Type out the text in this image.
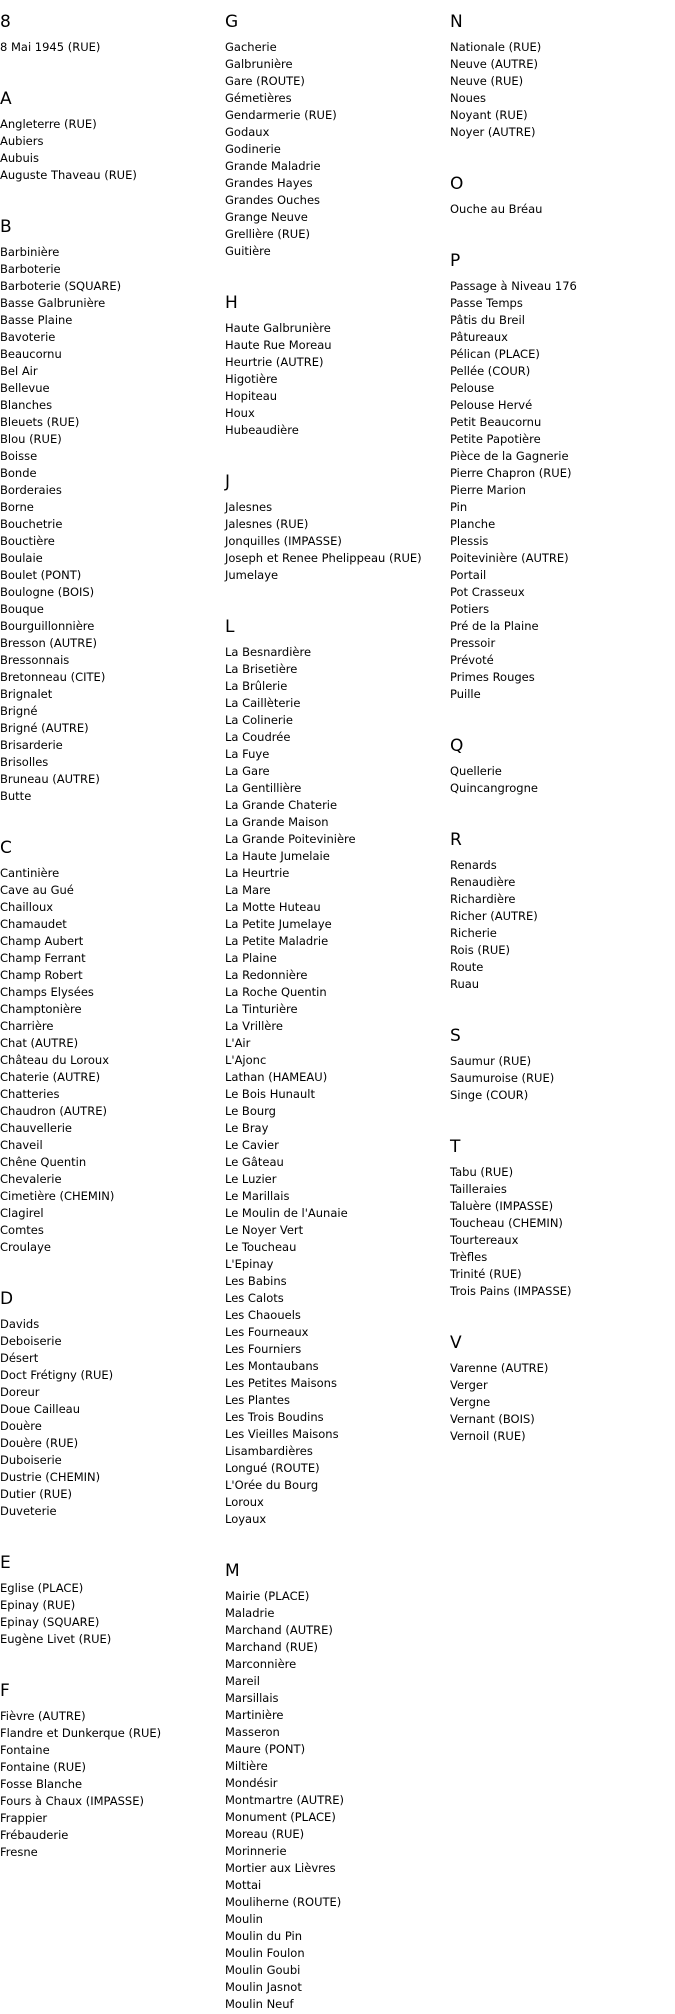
8
8 Mai 1945 (RUE)
A
Angleterre (RUE)
Aubiers
Aubuis
Auguste Thaveau (RUE)
B
Barbinière
Barboterie
Barboterie (SQUARE)
Basse Galbrunière
Basse Plaine
Bavoterie
Beaucornu
Bel Air
Bellevue
Blanches
Bleuets (RUE)
Blou (RUE)
Boisse
Bonde
Borderaies
Borne
Bouchetrie
Bouctière
Boulaie
Boulet (PONT)
Boulogne (BOIS)
Bouque
Bourguillonnière
Bresson (AUTRE)
Bressonnais
Bretonneau (CITE)
Brignalet
Brigné
Brigné (AUTRE)
Brisarderie
Brisolles
Bruneau (AUTRE)
Butte
C
Cantinière
Cave au Gué
Chailloux
Chamaudet
Champ Aubert
Champ Ferrant
Champ Robert
Champs Elysées
Champtonière
Charrière
Chat (AUTRE)
Château du Loroux
Chaterie (AUTRE)
Chatteries
Chaudron (AUTRE)
Chauvellerie
Chaveil
Chêne Quentin
Chevalerie
Cimetière (CHEMIN)
Clagirel
Comtes
Croulaye
D
Davids
Deboiserie
Désert
Doct Frétigny (RUE)
Doreur
Doue Cailleau
Douère
Douère (RUE)
Duboiserie
Dustrie (CHEMIN)
Dutier (RUE)
Duveterie
E
Eglise (PLACE)
Epinay (RUE)
Epinay (SQUARE)
Eugène Livet (RUE)
F
Fièvre (AUTRE)
Flandre et Dunkerque (RUE)
Fontaine
Fontaine (RUE)
Fosse Blanche
Fours à Chaux (IMPASSE)
Frappier
Frébauderie
Fresne
G
Gacherie
Galbrunière
Gare (ROUTE)
Gémetières
Gendarmerie (RUE)
Godaux
Godinerie
Grande Maladrie
Grandes Hayes
Grandes Ouches
Grange Neuve
Grellière (RUE)
Guitière
H
Haute Galbrunière
Haute Rue Moreau
Heurtrie (AUTRE)
Higotière
Hopiteau
Houx
Hubeaudière
J
Jalesnes
Jalesnes (RUE)
Jonquilles (IMPASSE)
Joseph et Renee Phelippeau (RUE)
Jumelaye
L
La Besnardière
La Brisetière
La Brûlerie
La Caillèterie
La Colinerie
La Coudrée
La Fuye
La Gare
La Gentillière
La Grande Chaterie
La Grande Maison
La Grande Poitevinière
La Haute Jumelaie
La Heurtrie
La Mare
La Motte Huteau
La Petite Jumelaye
La Petite Maladrie
La Plaine
La Redonnière
La Roche Quentin
La Tinturière
La Vrillère
L'Air
L'Ajonc
Lathan (HAMEAU)
Le Bois Hunault
Le Bourg
Le Bray
Le Cavier
Le Gâteau
Le Luzier
Le Marillais
Le Moulin de l'Aunaie
Le Noyer Vert
Le Toucheau
L'Epinay
Les Babins
Les Calots
Les Chaouels
Les Fourneaux
Les Fourniers
Les Montaubans
Les Petites Maisons
Les Plantes
Les Trois Boudins
Les Vieilles Maisons
Lisambardières
Longué (ROUTE)
L'Orée du Bourg
Loroux
Loyaux
M
Mairie (PLACE)
Maladrie
Marchand (AUTRE)
Marchand (RUE)
Marconnière
Mareil
Marsillais
Martinière
Masseron
Maure (PONT)
Miltière
Mondésir
Montmartre (AUTRE)
Monument (PLACE)
Moreau (RUE)
Morinnerie
Mortier aux Lièvres
Mottai
Mouliherne (ROUTE)
Moulin
Moulin du Pin
Moulin Foulon
Moulin Goubi
Moulin Jasnot
Moulin Neuf
N
Nationale (RUE)
Neuve (AUTRE)
Neuve (RUE)
Noues
Noyant (RUE)
Noyer (AUTRE)
O
Ouche au Bréau
P
Passage à Niveau 176
Passe Temps
Pâtis du Breil
Pâtureaux
Pélican (PLACE)
Pellée (COUR)
Pelouse
Pelouse Hervé
Petit Beaucornu
Petite Papotière
Pièce de la Gagnerie
Pierre Chapron (RUE)
Pierre Marion
Pin
Planche
Plessis
Poitevinière (AUTRE)
Portail
Pot Crasseux
Potiers
Pré de la Plaine
Pressoir
Prévoté
Primes Rouges
Puille
Q
Quellerie
Quincangrogne
R
Renards
Renaudière
Richardière
Richer (AUTRE)
Richerie
Rois (RUE)
Route
Ruau
S
Saumur (RUE)
Saumuroise (RUE)
Singe (COUR)
T
Tabu (RUE)
Tailleraies
Taluère (IMPASSE)
Toucheau (CHEMIN)
Tourtereaux
Trèfles
Trinité (RUE)
Trois Pains (IMPASSE)
V
Varenne (AUTRE)
Verger
Vergne
Vernant (BOIS)
Vernoil (RUE)
